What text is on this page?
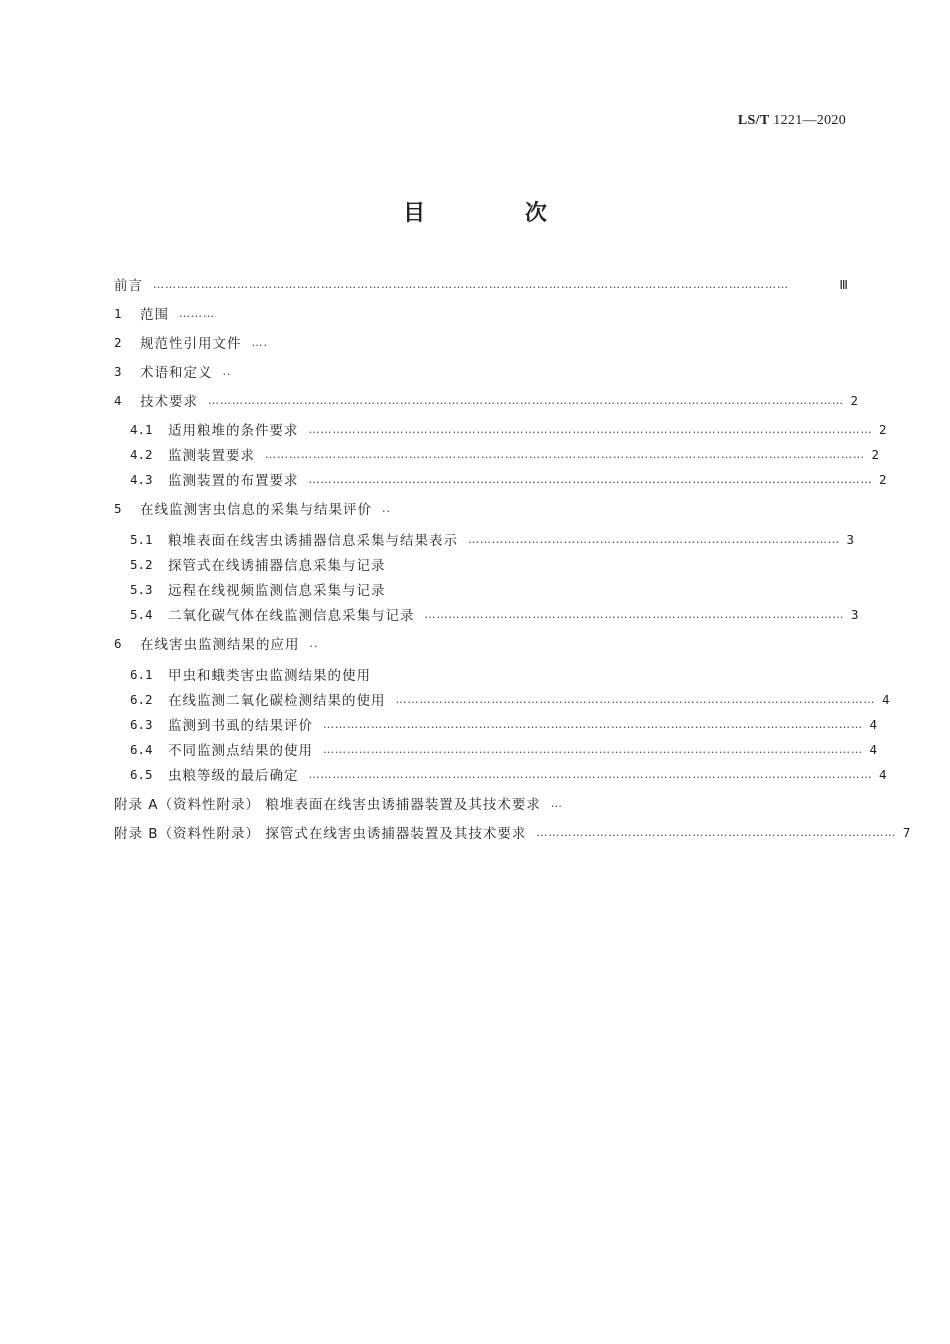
LS/T 1221—2020
目 次
前言 ……………………………………………………………………………………………………………………………………………	Ⅲ
1	范围 ………
2	规范性引用文件 ….
3	术语和定义 ..
4	技术要求 …………………………………………………………………………………………………………………………………………… 2
4.1	适用粮堆的条件要求 …………………………………………………………………………………………………………………………… 2
4.2	监测装置要求 …………………………………………………………………………………………………………………………………… 2
4.3	监测装置的布置要求 …………………………………………………………………………………………………………………………… 2
5	在线监测害虫信息的采集与结果评价 ..
5.1	粮堆表面在线害虫诱捕器信息采集与结果表示 ………………………………………………………………………………… 3
5.2	探管式在线诱捕器信息采集与记录
5.3	远程在线视频监测信息采集与记录
5.4	二氧化碳气体在线监测信息采集与记录 …………………………………………………………………………………………… 3
6	在线害虫监测结果的应用 ..
6.1	甲虫和蛾类害虫监测结果的使用
6.2	在线监测二氧化碳检测结果的使用 ………………………………………………………………………………………………………… 4
6.3	监测到书虱的结果评价 ……………………………………………………………………………………………………………………… 4
6.4	不同监测点结果的使用 ……………………………………………………………………………………………………………………… 4
6.5	虫粮等级的最后确定 …………………………………………………………………………………………………………………………… 4
附录 A（资料性附录） 粮堆表面在线害虫诱捕器装置及其技术要求 …
附录 B（资料性附录） 探管式在线害虫诱捕器装置及其技术要求 ……………………………………………………………………………… 7
